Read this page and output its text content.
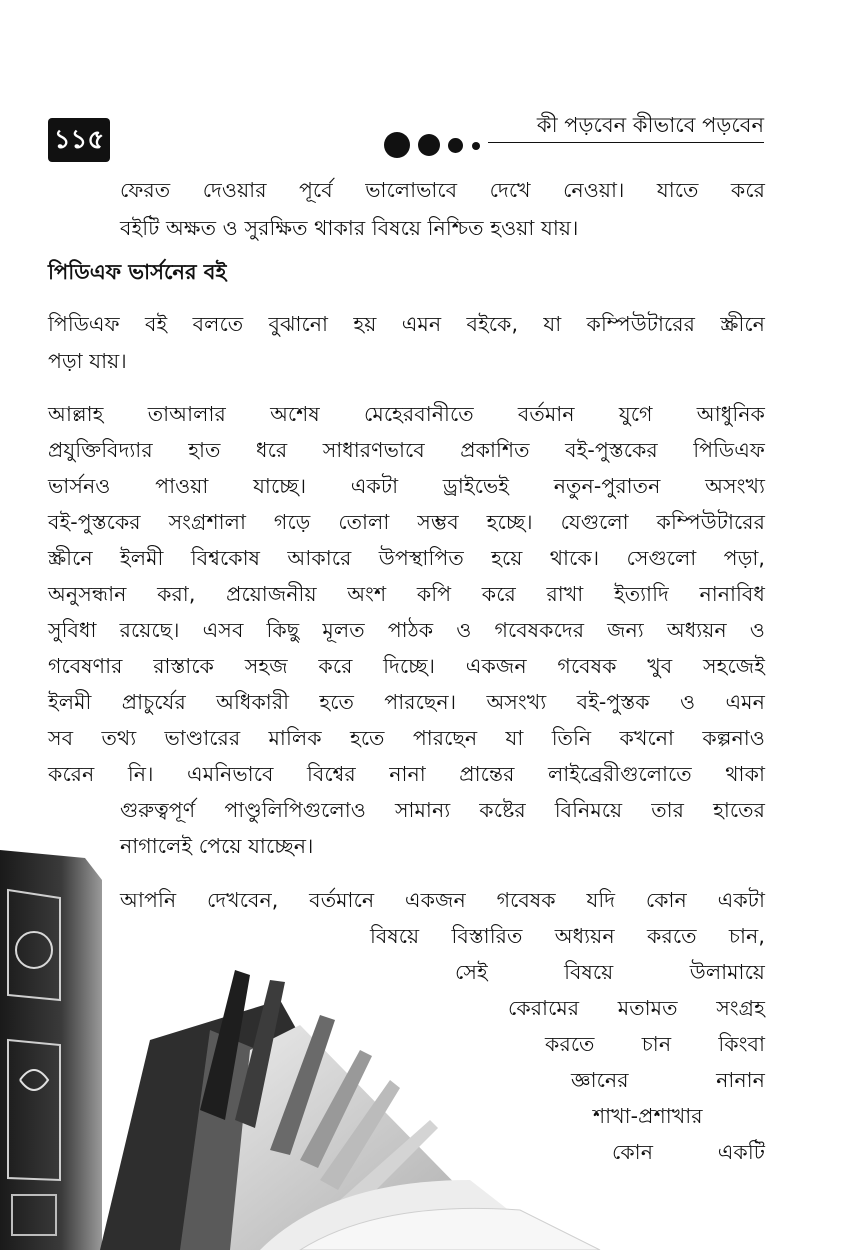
১১৫	কী পড়বেন কীভাবে পড়বেন
ফেরত দেওয়ার পূর্বে ভালোভাবে দেখে নেওয়া। যাতে করে
বইটি অক্ষত ও সুরক্ষিত থাকার বিষয়ে নিশ্চিত হওয়া যায়।
পিডিএফ ভার্সনের বই
পিডিএফ বই বলতে বুঝানো হয় এমন বইকে, যা কম্পিউটারের স্ক্রীনে
পড়া যায়।
আল্লাহ তাআলার অশেষ মেহেরবানীতে বর্তমান যুগে আধুনিক
প্রযুক্তিবিদ্যার হাত ধরে সাধারণভাবে প্রকাশিত বই-পুস্তকের পিডিএফ
ভার্সনও পাওয়া যাচ্ছে। একটা ড্রাইভেই নতুন-পুরাতন অসংখ্য
বই-পুস্তকের সংগ্রশালা গড়ে তোলা সম্ভব হচ্ছে। যেগুলো কম্পিউটারের
স্ক্রীনে ইলমী বিশ্বকোষ আকারে উপস্থাপিত হয়ে থাকে। সেগুলো পড়া,
অনুসন্ধান করা, প্রয়োজনীয় অংশ কপি করে রাখা ইত্যাদি নানাবিধ
সুবিধা রয়েছে। এসব কিছু মূলত পাঠক ও গবেষকদের জন্য অধ্যয়ন ও
গবেষণার রাস্তাকে সহজ করে দিচ্ছে। একজন গবেষক খুব সহজেই
ইলমী প্রাচুর্যের অধিকারী হতে পারছেন। অসংখ্য বই-পুস্তক ও এমন
সব তথ্য ভাণ্ডারের মালিক হতে পারছেন যা তিনি কখনো কল্পনাও
করেন নি। এমনিভাবে বিশ্বের নানা প্রান্তের লাইব্রেরীগুলোতে থাকা
গুরুত্বপূর্ণ পাণ্ডুলিপিগুলোও সামান্য কষ্টের বিনিময়ে তার হাতের
নাগালেই পেয়ে যাচ্ছেন।
আপনি দেখবেন, বর্তমানে একজন গবেষক যদি কোন একটা
বিষয়ে বিস্তারিত অধ্যয়ন করতে চান,
সেই বিষয়ে উলামায়ে
কেরামের মতামত সংগ্রহ
করতে চান কিংবা
জ্ঞানের নানান
শাখা-প্রশাখার
কোন একটি
